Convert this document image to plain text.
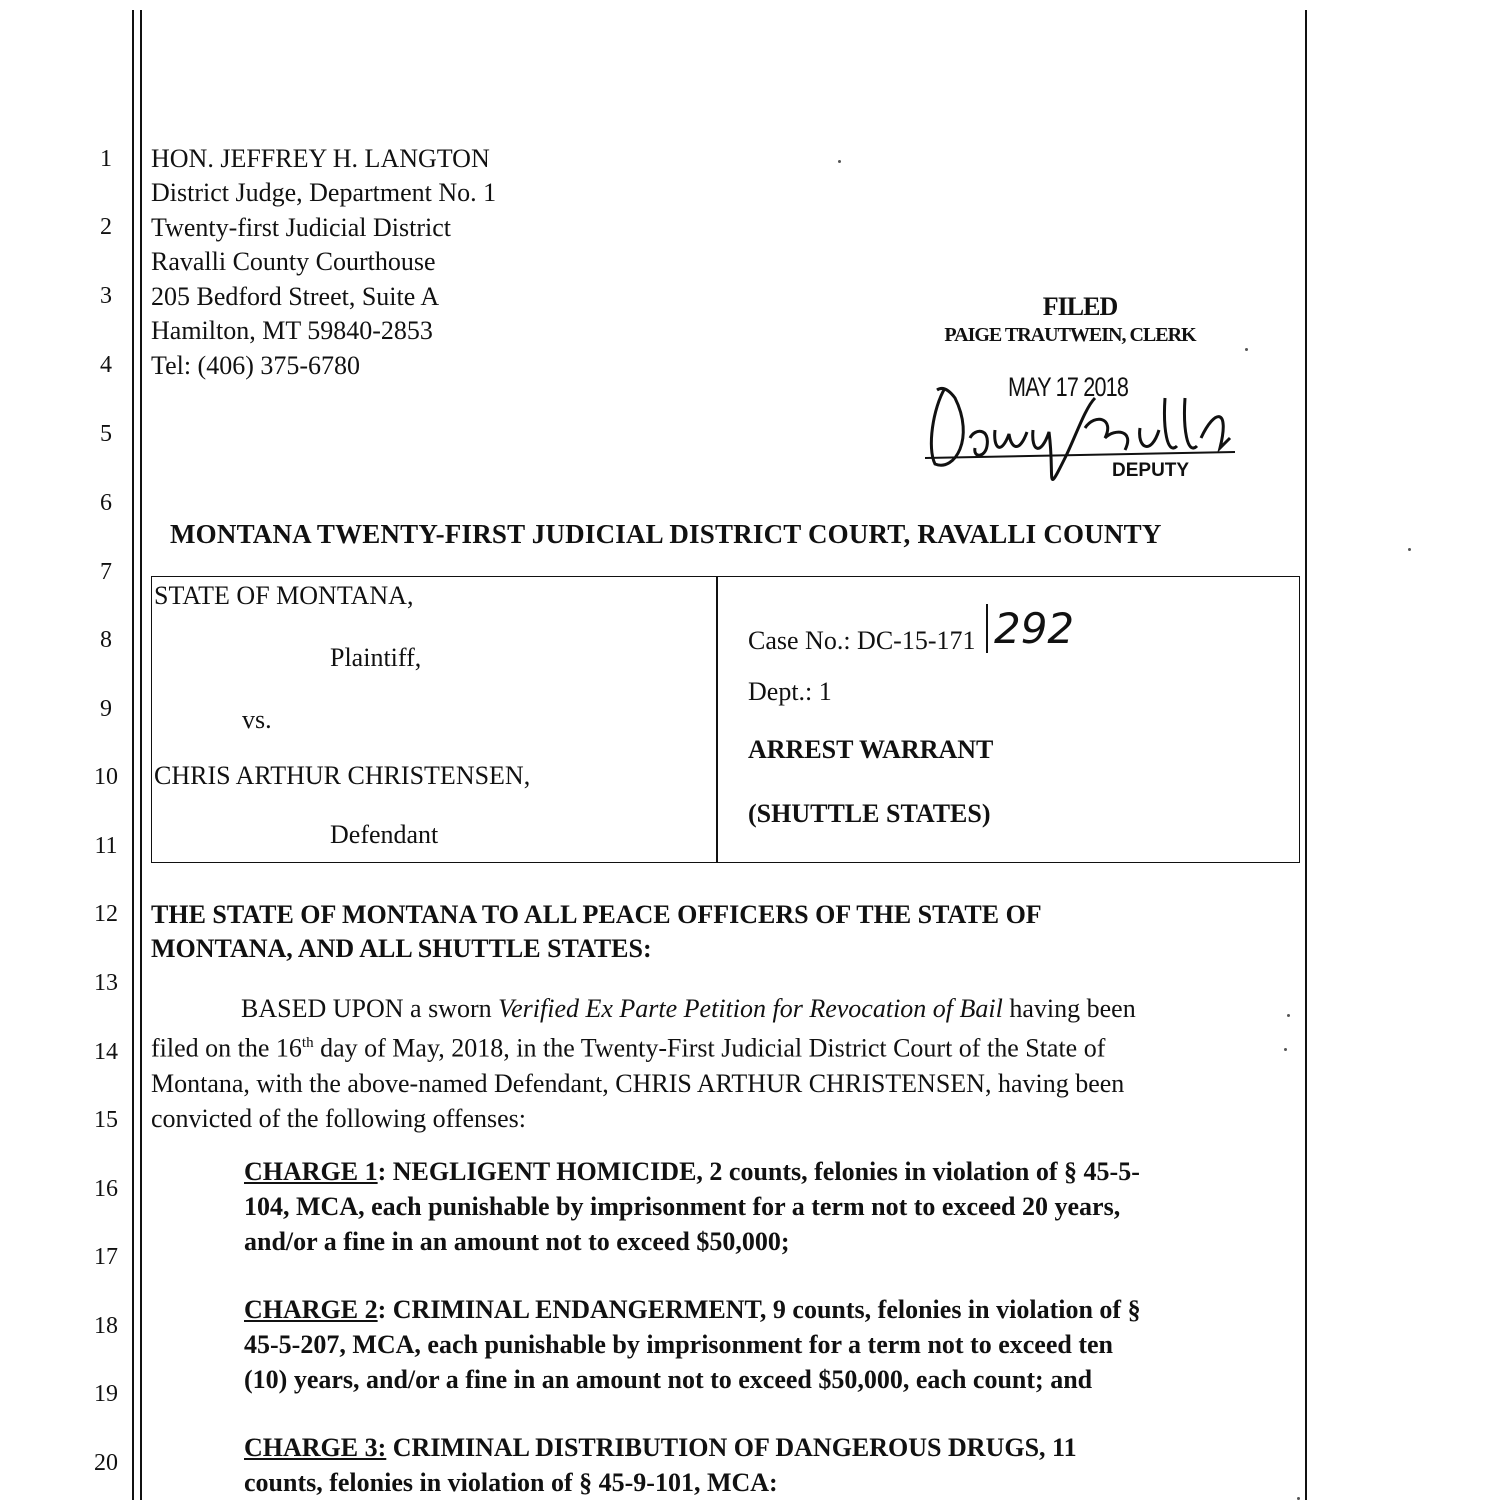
1
2
3
4
5
6
7
8
9
10
11
12
13
14
15
16
17
18
19
20
HON. JEFFREY H. LANGTON
District Judge, Department No. 1
Twenty-first Judicial District
Ravalli County Courthouse
205 Bedford Street, Suite A
Hamilton, MT 59840-2853
Tel: (406) 375-6780
FILED
PAIGE TRAUTWEIN, CLERK
MAY 17 2018
DEPUTY
MONTANA TWENTY-FIRST JUDICIAL DISTRICT COURT, RAVALLI COUNTY
STATE OF MONTANA,
Plaintiff,
vs.
CHRIS ARTHUR CHRISTENSEN,
Defendant
Case No.: DC-15-171 292
Dept.: 1
ARREST WARRANT
(SHUTTLE STATES)
THE STATE OF MONTANA TO ALL PEACE OFFICERS OF THE STATE OF
MONTANA, AND ALL SHUTTLE STATES:
BASED UPON a sworn Verified Ex Parte Petition for Revocation of Bail having been
filed on the 16th day of May, 2018, in the Twenty-First Judicial District Court of the State of
Montana, with the above-named Defendant, CHRIS ARTHUR CHRISTENSEN, having been
convicted of the following offenses:
CHARGE 1: NEGLIGENT HOMICIDE, 2 counts, felonies in violation of § 45-5-
104, MCA, each punishable by imprisonment for a term not to exceed 20 years,
and/or a fine in an amount not to exceed $50,000;
CHARGE 2: CRIMINAL ENDANGERMENT, 9 counts, felonies in violation of §
45-5-207, MCA, each punishable by imprisonment for a term not to exceed ten
(10) years, and/or a fine in an amount not to exceed $50,000, each count; and
CHARGE 3: CRIMINAL DISTRIBUTION OF DANGEROUS DRUGS, 11
counts, felonies in violation of § 45-9-101, MCA:
